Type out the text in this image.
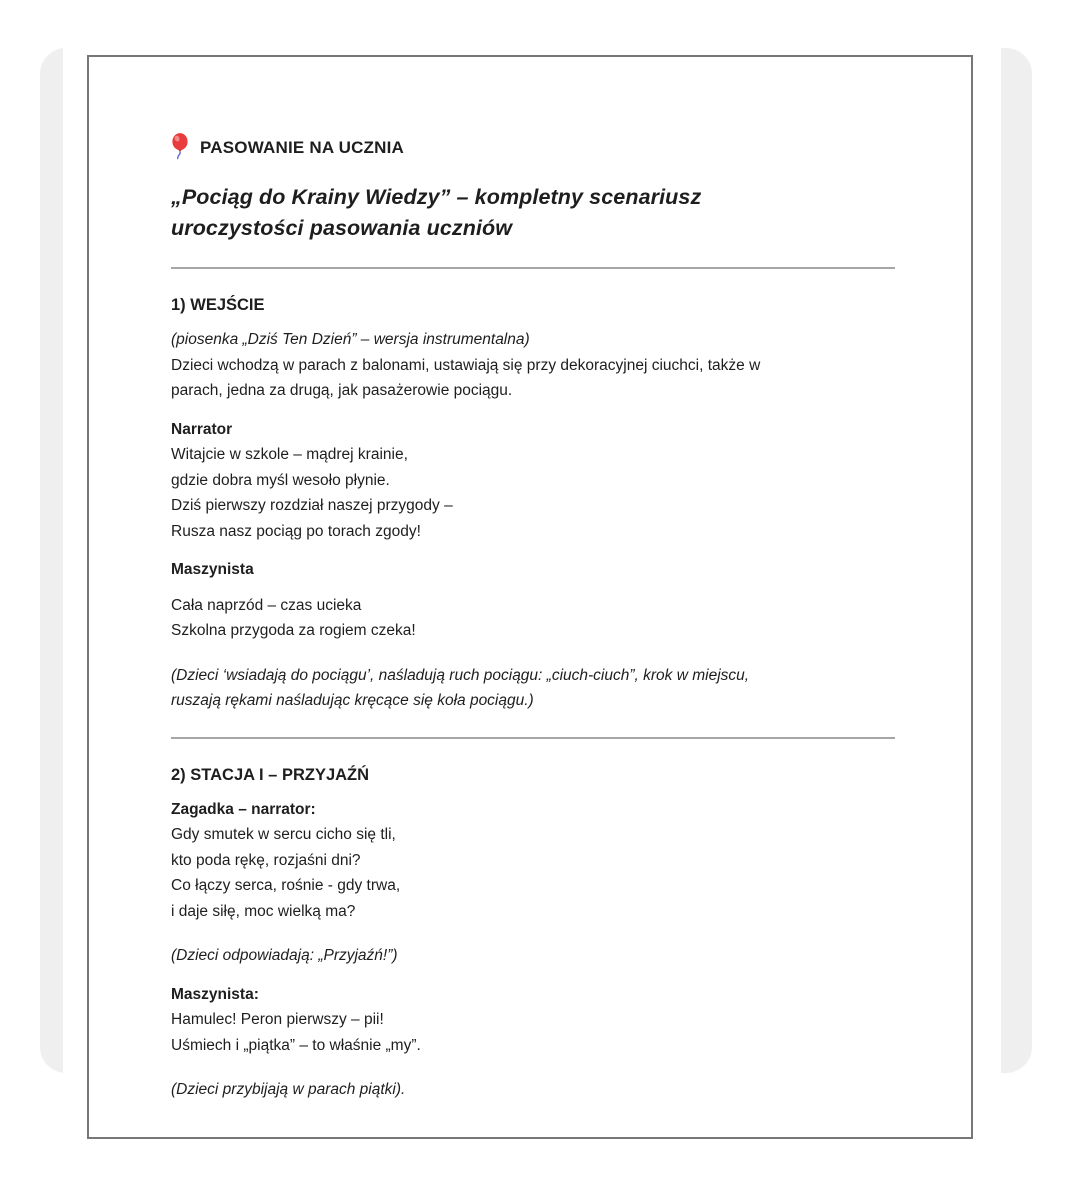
PASOWANIE NA UCZNIA
„Pociąg do Krainy Wiedzy” – kompletny scenariusz
uroczystości pasowania uczniów
1) WEJŚCIE

(piosenka „Dziś Ten Dzień” – wersja instrumentalna)
Dzieci wchodzą w parach z balonami, ustawiają się przy dekoracyjnej ciuchci, także w
parach, jedna za drugą, jak pasażerowie pociągu.

Narrator
Witajcie w szkole – mądrej krainie,
gdzie dobra myśl wesoło płynie.
Dziś pierwszy rozdział naszej przygody –
Rusza nasz pociąg po torach zgody!

Maszynista

Cała naprzód – czas ucieka
Szkolna przygoda za rogiem czeka!

(Dzieci ‘wsiadają do pociągu’, naśladują ruch pociągu: „ciuch-ciuch”, krok w miejscu,
ruszają rękami naśladując kręcące się koła pociągu.)

2) STACJA I – PRZYJAŹŃ

Zagadka – narrator:
Gdy smutek w sercu cicho się tli,
kto poda rękę, rozjaśni dni?
Co łączy serca, rośnie - gdy trwa,
i daje siłę, moc wielką ma?

(Dzieci odpowiadają: „Przyjaźń!”)

Maszynista:
Hamulec! Peron pierwszy – pii!
Uśmiech i „piątka” – to właśnie „my”.

(Dzieci przybijają w parach piątki).
